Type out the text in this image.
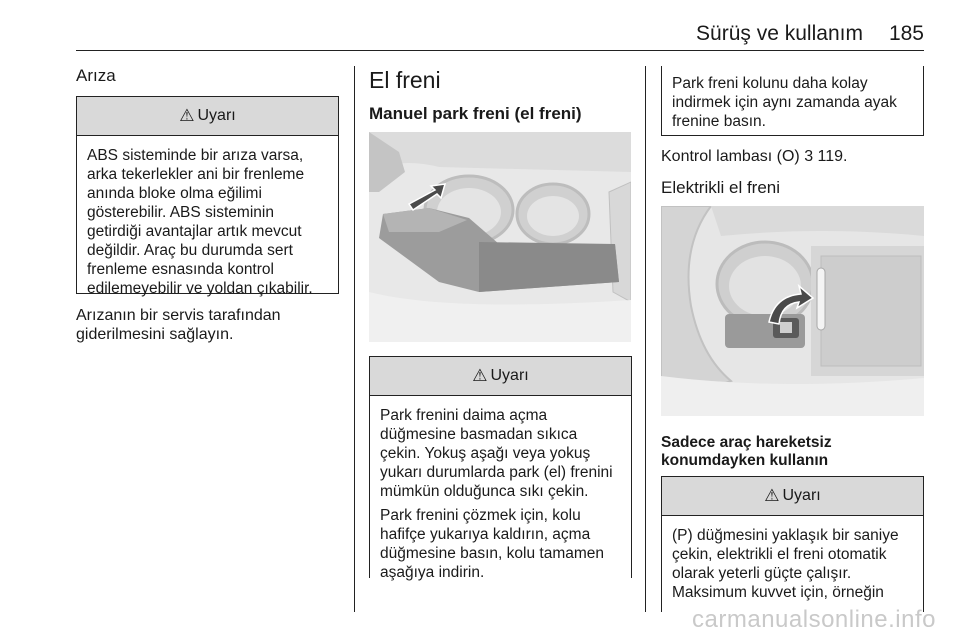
Sürüş ve kullanım 185
Arıza
⚠ Uyarı

ABS sisteminde bir arıza varsa, arka tekerlekler ani bir frenleme anında bloke olma eğilimi gösterebilir. ABS sisteminin getirdiği avantajlar artık mevcut değildir. Araç bu durumda sert frenleme esnasında kontrol edilemeyebilir ve yoldan çıkabilir.

Arızanın bir servis tarafından giderilmesini sağlayın.
El freni
Manuel park freni (el freni)
⚠ Uyarı

Park frenini daima açma düğmesine basmadan sıkıca çekin. Yokuş aşağı veya yokuş yukarı durumlarda park (el) frenini mümkün olduğunca sıkı çekin.

Park frenini çözmek için, kolu hafifçe yukarıya kaldırın, açma düğmesine basın, kolu tamamen aşağıya indirin.

Park freni kolunu daha kolay indirmek için aynı zamanda ayak frenine basın.
Kontrol lambası (O) 3 119.
Elektrikli el freni
Sadece araç hareketsiz konumdayken kullanın
⚠ Uyarı

(P) düğmesini yaklaşık bir saniye çekin, elektrikli el freni otomatik olarak yeterli güçte çalışır.

Maksimum kuvvet için, örneğin

carmanualsonline.info
